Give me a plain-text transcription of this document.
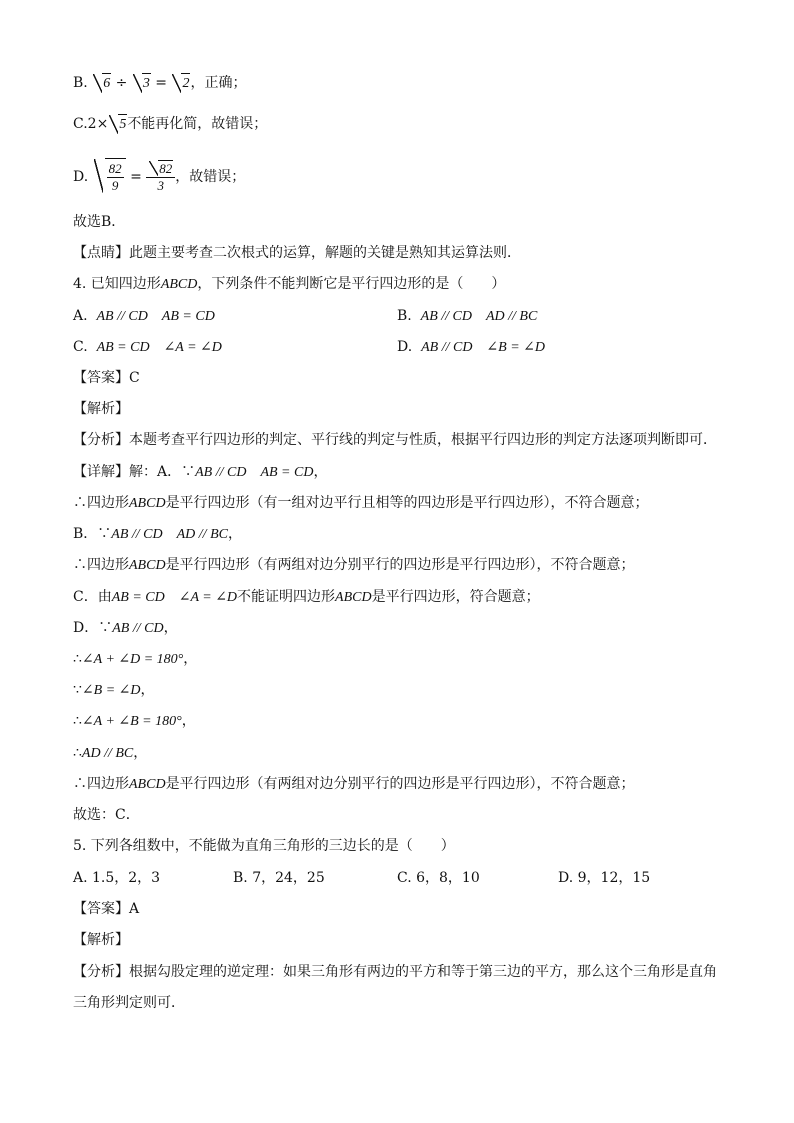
B. 6 ÷ 3 = 2，正确；
C.2× 5不能再化简，故错误；
D. $\frac{82}{9} = \frac{82}{3}$ ，故错误；
故选B．
【点睛】此题主要考查二次根式的运算，解题的关键是熟知其运算法则．
4. 已知四边形ABCD，下列条件不能判断它是平行四边形的是（　　）
A. AB // CD　AB = CD	B. AB // CD　AD // BC
C. AB = CD　∠A = ∠D	D. AB // CD　∠B = ∠D
【答案】C
【解析】
【分析】本题考查平行四边形的判定、平行线的判定与性质，根据平行四边形的判定方法逐项判断即可．
【详解】解：A．∵AB // CD　AB = CD，
∴四边形ABCD是平行四边形（有一组对边平行且相等的四边形是平行四边形），不符合题意；
B．∵AB // CD　AD // BC，
∴四边形ABCD是平行四边形（有两组对边分别平行的四边形是平行四边形），不符合题意；
C．由AB = CD　∠A = ∠D不能证明四边形ABCD是平行四边形，符合题意；
D．∵AB // CD，
∴∠A + ∠D = 180°，
∵∠B = ∠D，
∴∠A + ∠B = 180°，
∴AD // BC，
∴四边形ABCD是平行四边形（有两组对边分别平行的四边形是平行四边形），不符合题意；
故选：C．
5. 下列各组数中，不能做为直角三角形的三边长的是（　　）
A. 1.5，2，3	B. 7，24，25	C. 6，8，10	D. 9，12，15
【答案】A
【解析】
【分析】根据勾股定理的逆定理：如果三角形有两边的平方和等于第三边的平方，那么这个三角形是直角
三角形判定则可．
